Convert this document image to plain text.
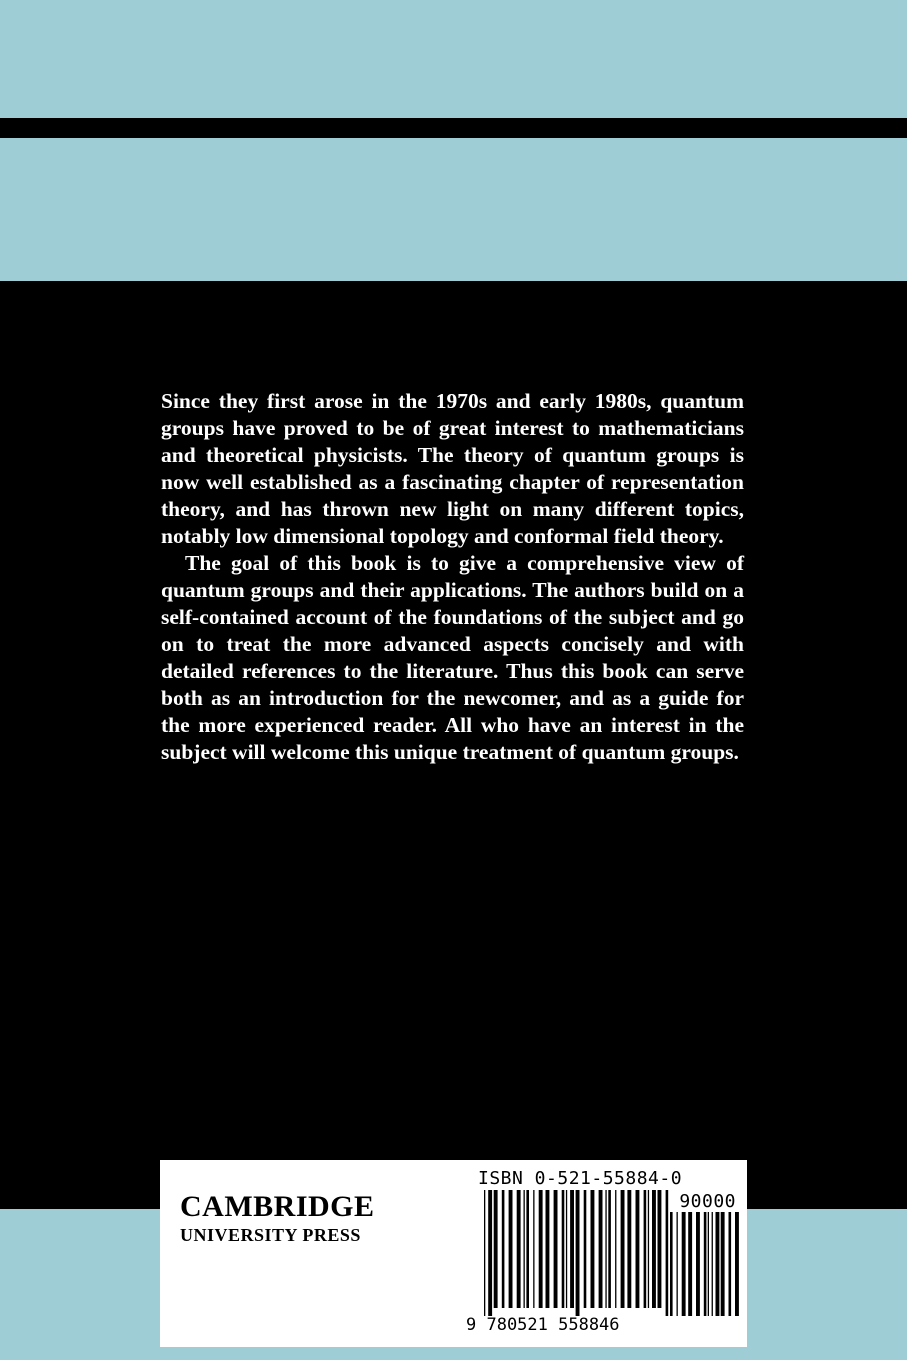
Since they first arose in the 1970s and early 1980s, quantum groups have proved to be of great interest to mathematicians and theoretical physicists. The theory of quantum groups is now well established as a fascinating chapter of representation theory, and has thrown new light on many different topics, notably low dimensional topology and conformal field theory.

The goal of this book is to give a comprehensive view of quantum groups and their applications. The authors build on a self-contained account of the foundations of the subject and go on to treat the more advanced aspects concisely and with detailed references to the literature. Thus this book can serve both as an introduction for the newcomer, and as a guide for the more experienced reader. All who have an interest in the subject will welcome this unique treatment of quantum groups.

CAMBRIDGE
UNIVERSITY PRESS
ISBN 0-521-55884-0
90000
9 780521 558846
